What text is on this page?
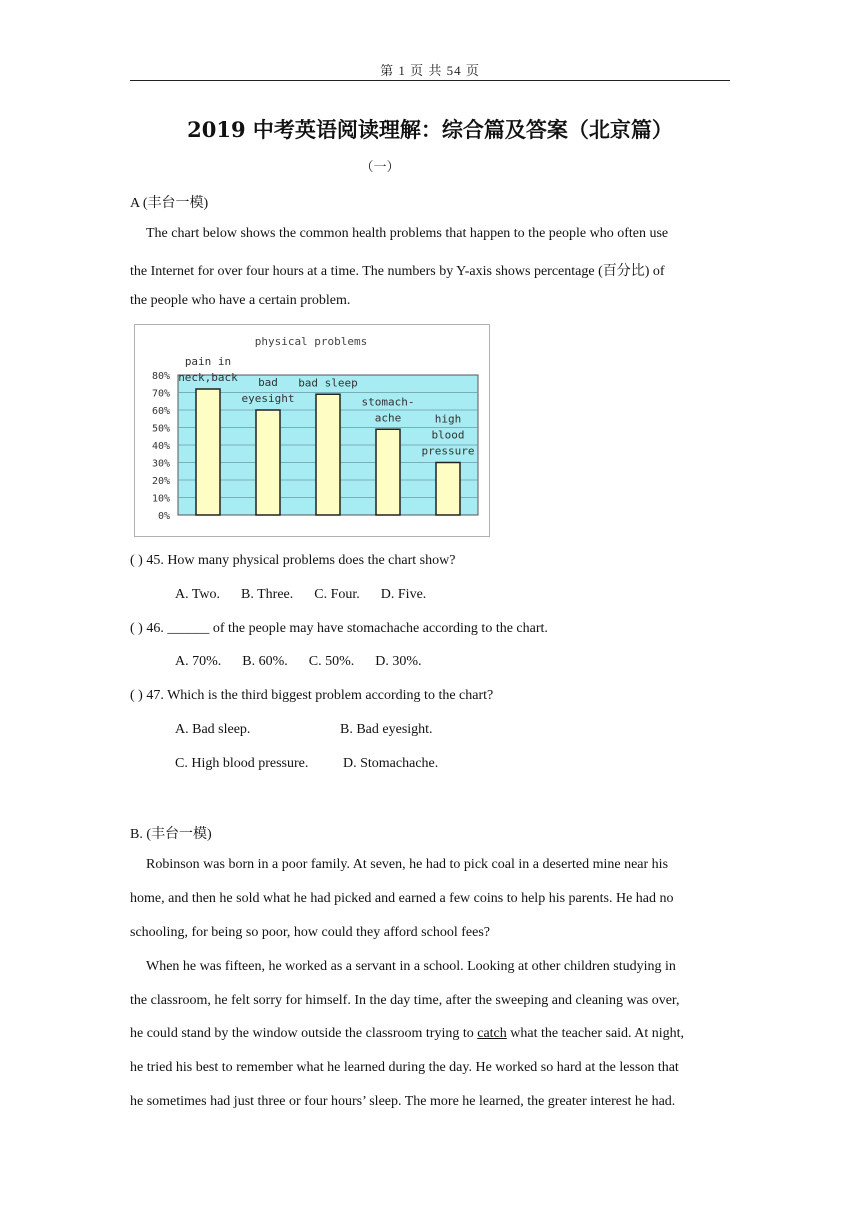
第 1 页 共 54 页
2019 中考英语阅读理解：综合篇及答案（北京篇）
（一）
A (丰台一模)
The chart below shows the common health problems that happen to the people who often use
the Internet for over four hours at a time. The numbers by Y-axis shows percentage (百分比) of
the people who have a certain problem.
physical problems
0%
10%
20%
30%
40%
50%
60%
70%
80%
pain in
neck,back bad
eyesight
bad sleep
stomach-
ache	high
blood
pressure
( ) 45. How many physical problems does the chart show?
A. Two.      B. Three.      C. Four.      D. Five.
( ) 46. ______ of the people may have stomachache according to the chart.
A. 70%.      B. 60%.      C. 50%.      D. 30%.
( ) 47. Which is the third biggest problem according to the chart?
A. Bad sleep.	B. Bad eyesight.
C. High blood pressure. D. Stomachache.
B. (丰台一模)
Robinson was born in a poor family. At seven, he had to pick coal in a deserted mine near his
home, and then he sold what he had picked and earned a few coins to help his parents. He had no
schooling, for being so poor, how could they afford school fees?
When he was fifteen, he worked as a servant in a school. Looking at other children studying in
the classroom, he felt sorry for himself. In the day time, after the sweeping and cleaning was over,
he could stand by the window outside the classroom trying to catch what the teacher said. At night,
he tried his best to remember what he learned during the day. He worked so hard at the lesson that
he sometimes had just three or four hours’ sleep. The more he learned, the greater interest he had.
